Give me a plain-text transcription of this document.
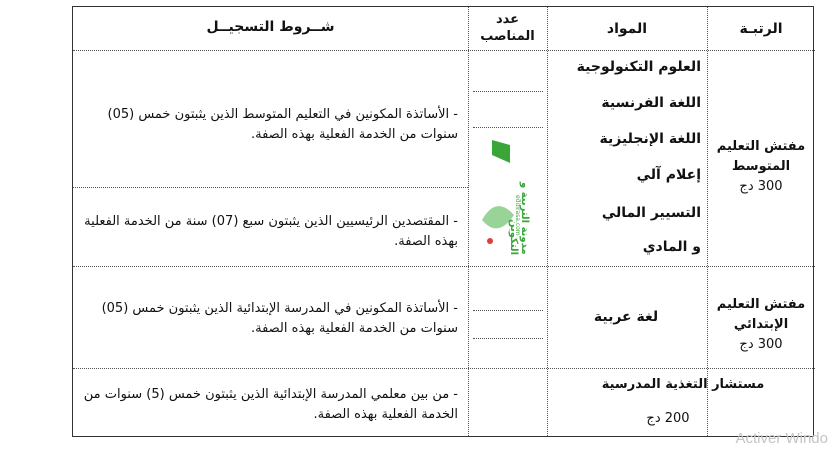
الرتبـة
المواد
عدد المناصب
شــروط التسجيــل
مفتش التعليم المتوسط
300 دج
العلوم التكنولوجية
اللغة الفرنسية
اللغة الإنجليزية
إعلام آلي
التسيير المالي
و المادي
- الأساتذة المكونين في التعليم المتوسط الذين يثبتون خمس (05) سنوات من الخدمة الفعلية بهذه الصفة.
- المقتصدين الرئيسيين الذين يثبتون سبع (07) سنة من الخدمة الفعلية بهذه الصفة.
مفتش التعليم الإبتدائي
300 دج
لغة عربية
- الأساتذة المكونين في المدرسة الإبتدائية الذين يثبتون خمس (05) سنوات من الخدمة الفعلية بهذه الصفة.
مستشار التغذية المدرسية
200 دج
- من بين معلمي المدرسة الإبتدائية الذين يثبتون خمس (5) سنوات من الخدمة الفعلية بهذه الصفة.
مدونة التربية و التكوين
eddirasa.com
Activer Windo
